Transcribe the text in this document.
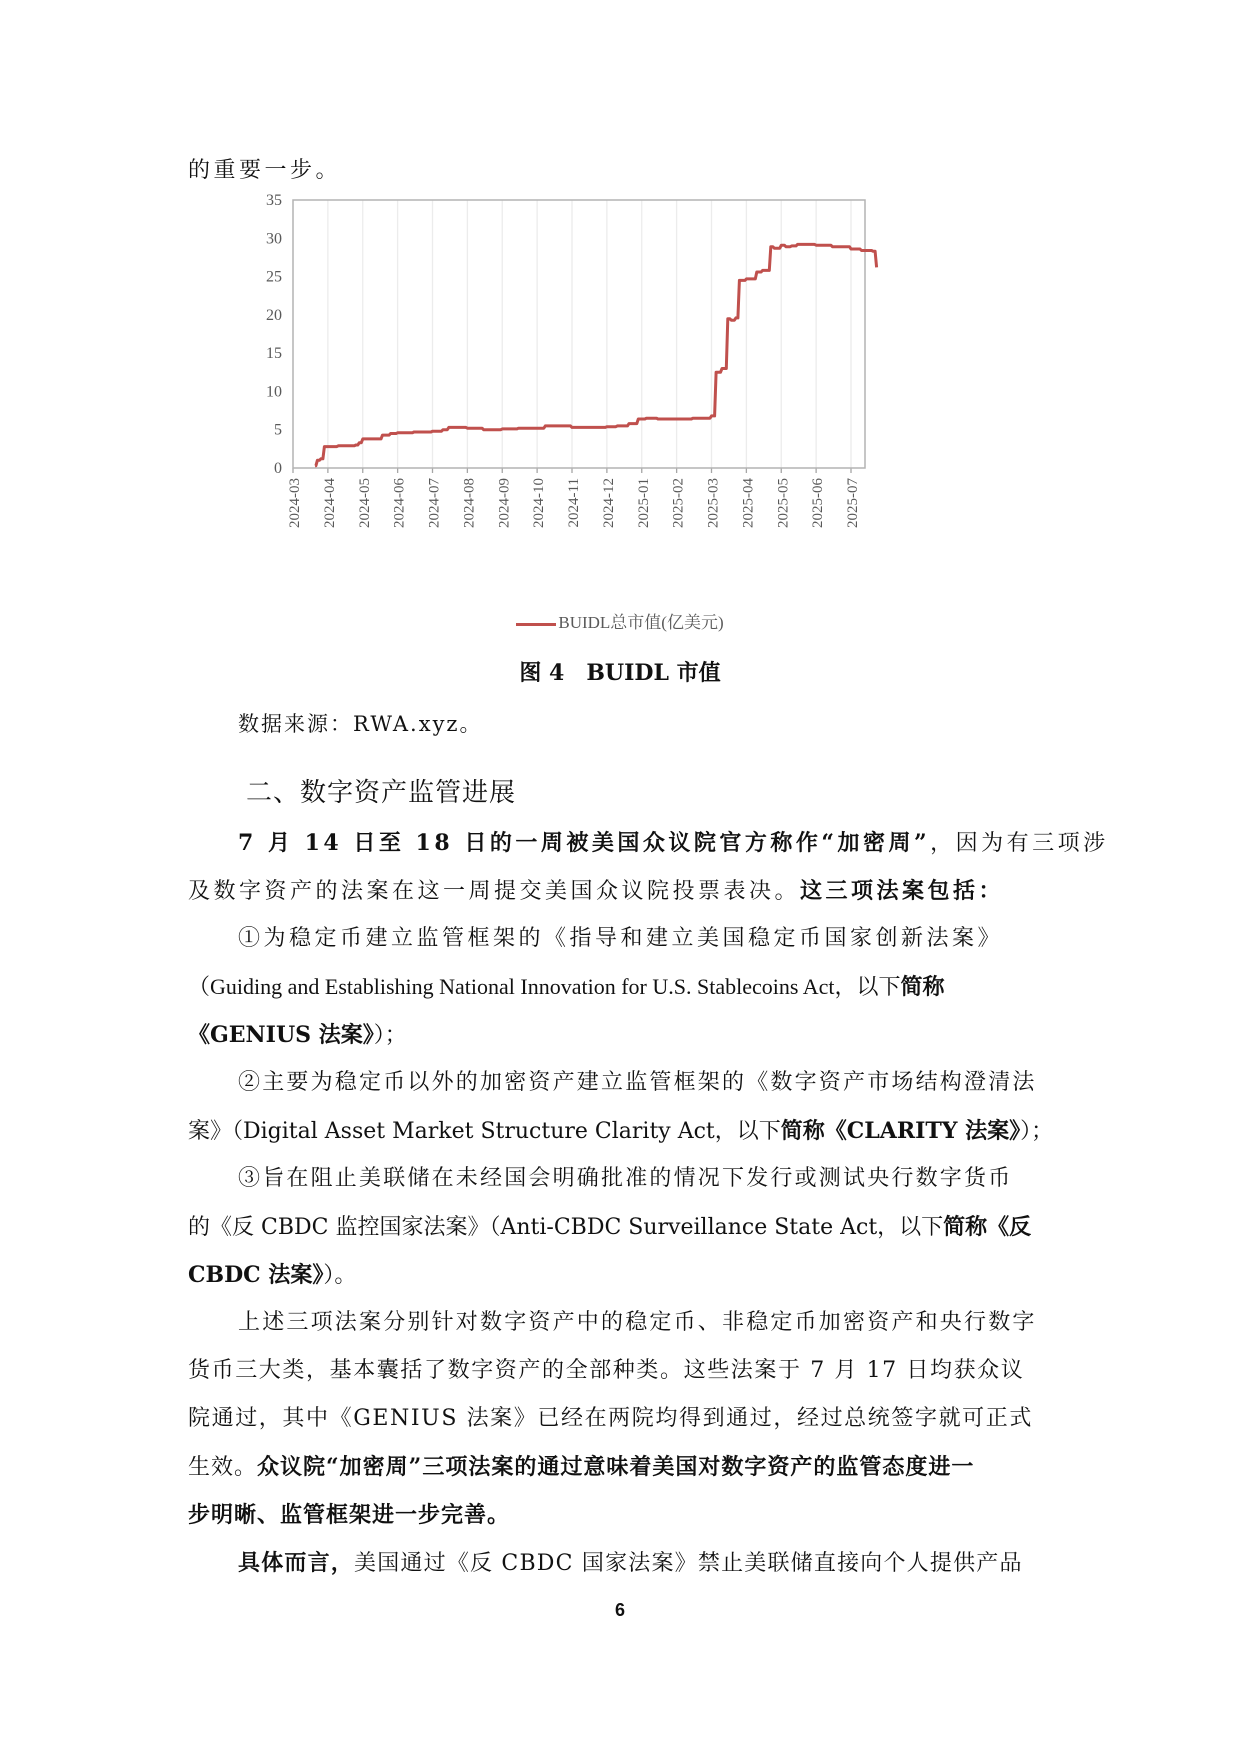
的重要一步。
0
5
10
15
20
25
30
35
2024-03 2024-04 2024-05 2024-06 2024-07 2024-08 2024-09 2024-10 2024-11 2024-12 2025-01 2025-02 2025-03 2025-04 2025-05 2025-06 2025-07
BUIDL总市值(亿美元)
图 4　BUIDL 市值
数据来源：RWA.xyz。
二、数字资产监管进展
7 月 14 日至 18 日的一周被美国众议院官方称作“加密周”，因为有三项涉
及数字资产的法案在这一周提交美国众议院投票表决。这三项法案包括：
①为稳定币建立监管框架的《指导和建立美国稳定币国家创新法案》
（Guiding and Establishing National Innovation for U.S. Stablecoins Act，以下简称
《GENIUS 法案》）；
②主要为稳定币以外的加密资产建立监管框架的《数字资产市场结构澄清法
案》（Digital Asset Market Structure Clarity Act，以下简称《CLARITY 法案》）；
③旨在阻止美联储在未经国会明确批准的情况下发行或测试央行数字货币
的《反 CBDC 监控国家法案》（Anti-CBDC Surveillance State Act，以下简称《反
CBDC 法案》）。
上述三项法案分别针对数字资产中的稳定币、非稳定币加密资产和央行数字
货币三大类，基本囊括了数字资产的全部种类。这些法案于 7 月 17 日均获众议
院通过，其中《GENIUS 法案》已经在两院均得到通过，经过总统签字就可正式
生效。众议院“加密周”三项法案的通过意味着美国对数字资产的监管态度进一
步明晰、监管框架进一步完善。
具体而言，美国通过《反 CBDC 国家法案》禁止美联储直接向个人提供产品
6
